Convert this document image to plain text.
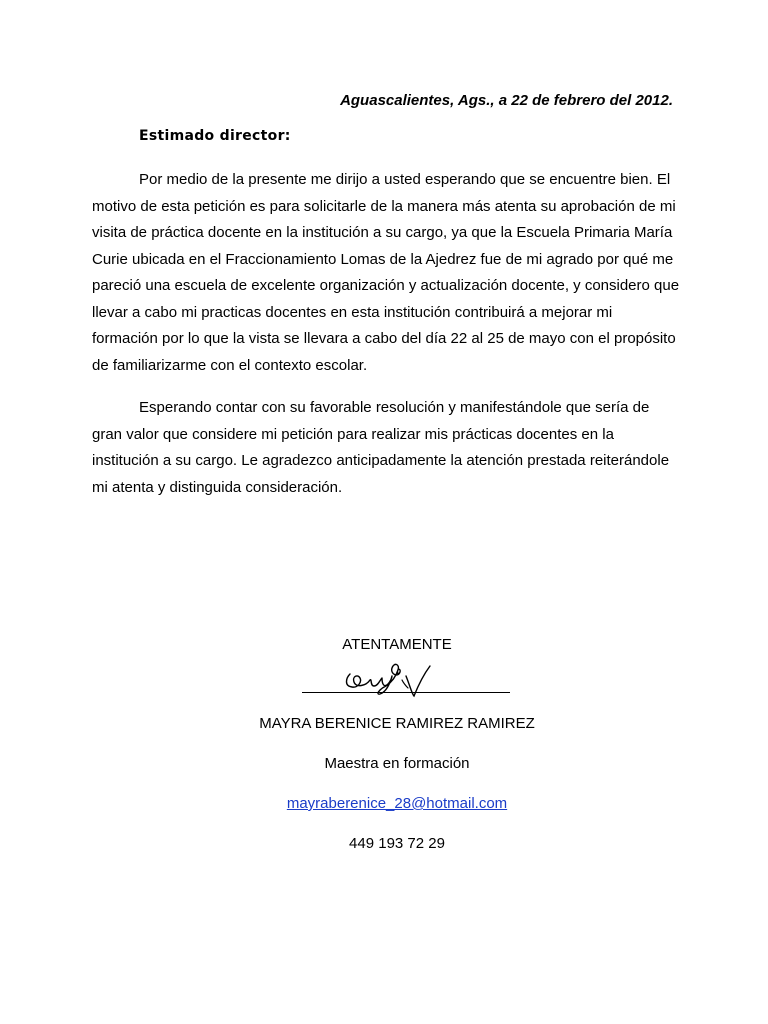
Aguascalientes, Ags., a 22 de febrero del 2012.
Estimado director:

Por medio de la presente me dirijo a usted esperando que se encuentre bien. El motivo de esta petición es para solicitarle de la manera más atenta su aprobación de mi visita de práctica docente en la institución a su cargo, ya que la Escuela Primaria María Curie ubicada en el Fraccionamiento Lomas de la Ajedrez fue de mi agrado por qué me pareció una escuela de excelente organización y actualización docente, y considero que llevar a cabo mi practicas docentes en esta institución contribuirá a mejorar mi formación por lo que la vista se llevara a cabo del día 22 al 25 de mayo con el propósito de familiarizarme con el contexto escolar.

Esperando contar con su favorable resolución y manifestándole que sería de gran valor que considere mi petición para realizar mis prácticas docentes en la institución a su cargo. Le agradezco anticipadamente la atención prestada reiterándole mi atenta y distinguida consideración.

ATENTAMENTE
MAYRA BERENICE RAMIREZ RAMIREZ
Maestra en formación
mayraberenice_28@hotmail.com
449 193 72 29
